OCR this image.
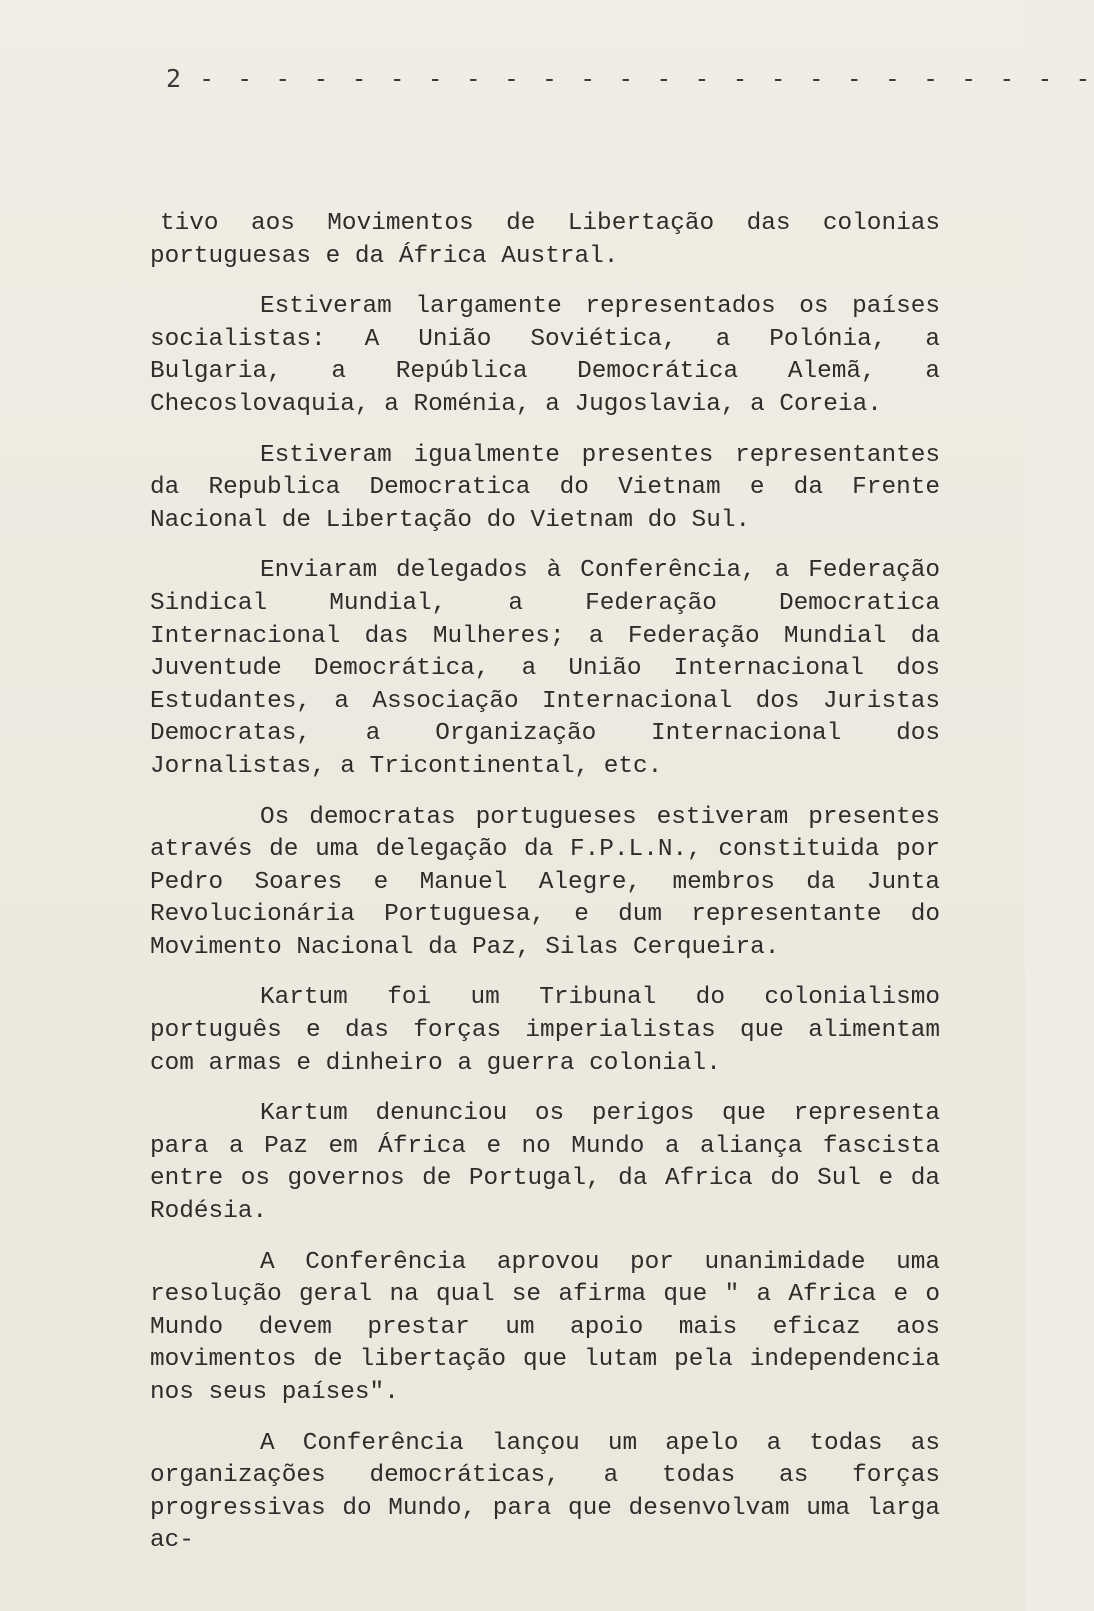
2 - - - - - - - - - - - - - - - - - - - - - - - -

tivo aos Movimentos de Libertação das colonias portuguesas e da África Austral.

Estiveram largamente representados os países socialistas: A União Soviética, a Polónia, a Bulgaria, a República Democrática Alemã, a Checoslovaquia, a Roménia, a Jugoslavia, a Coreia.

Estiveram igualmente presentes representantes da Republica Democratica do Vietnam e da Frente Nacional de Libertação do Vietnam do Sul.

Enviaram delegados à Conferência, a Federação Sindical Mundial, a Federação Democratica Internacional das Mulheres; a Federação Mundial da Juventude Democrática, a União Internacional dos Estudantes, a Associação Internacional dos Juristas Democratas, a Organização Internacional dos Jornalistas, a Tricontinental, etc.

Os democratas portugueses estiveram presentes através de uma delegação da F.P.L.N., constituida por Pedro Soares e Manuel Alegre, membros da Junta Revolucionária Portuguesa, e dum representante do Movimento Nacional da Paz, Silas Cerqueira.

Kartum foi um Tribunal do colonialismo português e das forças imperialistas que alimentam com armas e dinheiro a guerra colonial.

Kartum denunciou os perigos que representa para a Paz em África e no Mundo a aliança fascista entre os governos de Portugal, da Africa do Sul e da Rodésia.

A Conferência aprovou por unanimidade uma resolução geral na qual se afirma que " a Africa e o Mundo devem prestar um apoio mais eficaz aos movimentos de libertação que lutam pela independencia nos seus países".

A Conferência lançou um apelo a todas as organizações democráticas, a todas as forças progressivas do Mundo, para que desenvolvam uma larga ac-
